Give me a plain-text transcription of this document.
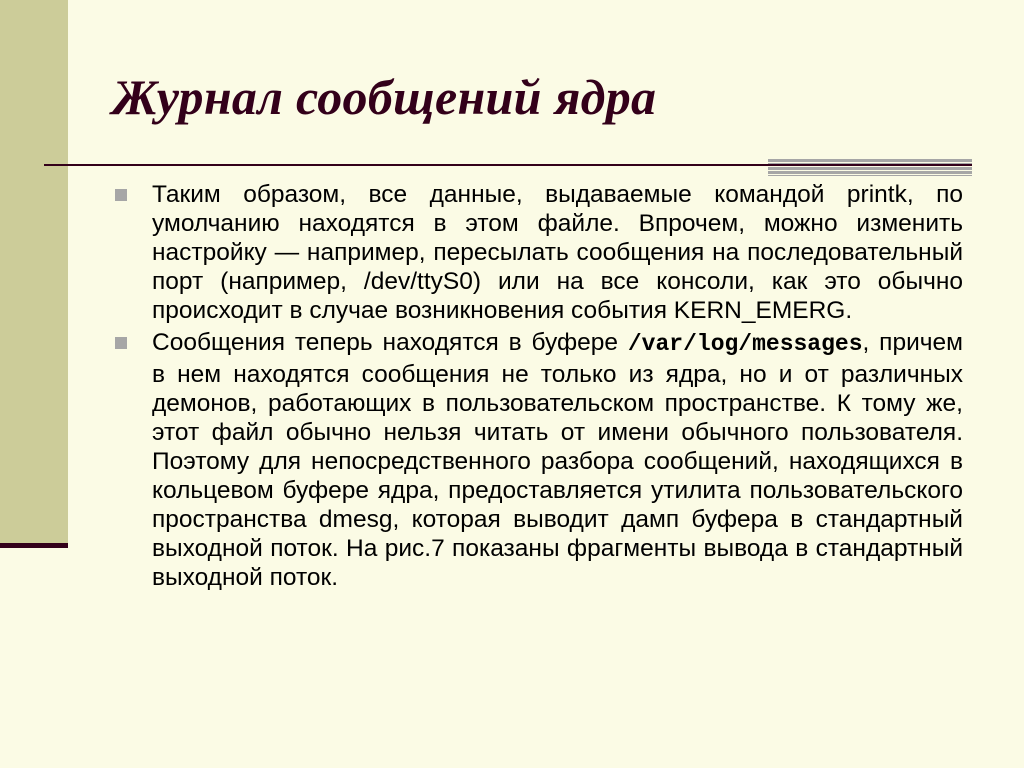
Журнал сообщений ядра
Таким образом, все данные, выдаваемые командой printk, по умолчанию находятся в этом файле. Впрочем, можно изменить настройку — например, пересылать сообщения на последовательный порт (например, /dev/ttyS0) или на все консоли, как это обычно происходит в случае возникновения события KERN_EMERG.
Сообщения теперь находятся в буфере /var/log/messages, причем в нем находятся сообщения не только из ядра, но и от различных демонов, работающих в пользовательском пространстве. К тому же, этот файл обычно нельзя читать от имени обычного пользователя. Поэтому для непосредственного разбора сообщений, находящихся в кольцевом буфере ядра, предоставляется утилита пользовательского пространства dmesg, которая выводит дамп буфера в стандартный выходной поток. На рис.7 показаны фрагменты вывода в стандартный выходной поток.
